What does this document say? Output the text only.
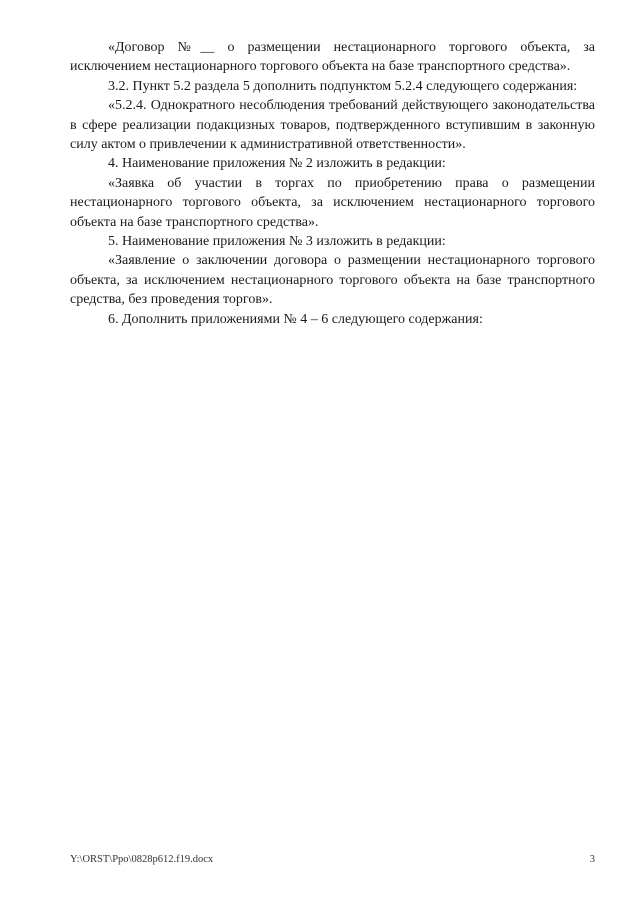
«Договор №__ о размещении нестационарного торгового объекта, за исключением нестационарного торгового объекта на базе транспортного средства».

3.2. Пункт 5.2 раздела 5 дополнить подпунктом 5.2.4 следующего содержания:

«5.2.4. Однократного несоблюдения требований действующего законодательства в сфере реализации подакцизных товаров, подтвержденного вступившим в законную силу актом о привлечении к административной ответственности».

4. Наименование приложения № 2 изложить в редакции:

«Заявка об участии в торгах по приобретению права о размещении нестационарного торгового объекта, за исключением нестационарного торгового объекта на базе транспортного средства».

5. Наименование приложения № 3 изложить в редакции:

«Заявление о заключении договора о размещении нестационарного торгового объекта, за исключением нестационарного торгового объекта на базе транспортного средства, без проведения торгов».

6. Дополнить приложениями № 4 – 6 следующего содержания:

Y:\ORST\Ppo\0828p612.f19.docx	3
